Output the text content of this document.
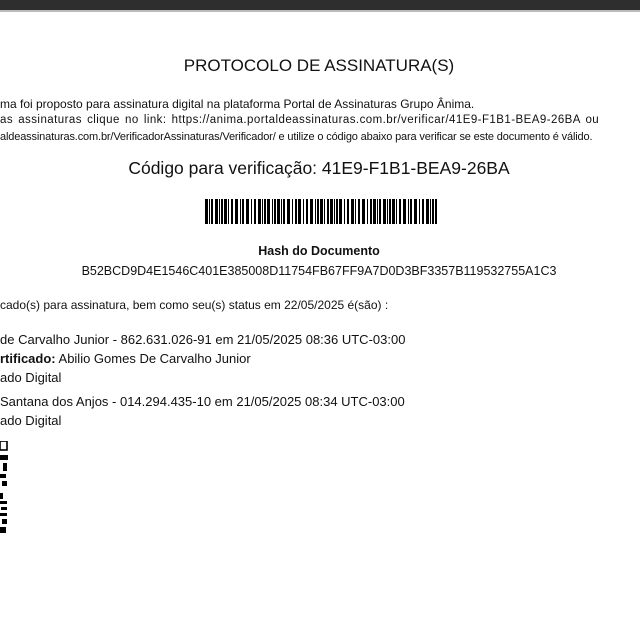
PROTOCOLO DE ASSINATURA(S)
ma foi proposto para assinatura digital na plataforma Portal de Assinaturas Grupo Ânima.
as assinaturas clique no link: https://anima.portaldeassinaturas.com.br/verificar/41E9-F1B1-BEA9-26BA ou
aldeassinaturas.com.br/VerificadorAssinaturas/Verificador/ e utilize o código abaixo para verificar se este documento é válido.
Código para verificação: 41E9-F1B1-BEA9-26BA
Hash do Documento
B52BCD9D4E1546C401E385008D11754FB67FF9A7D0D3BF3357B119532755A1C3
cado(s) para assinatura, bem como seu(s) status em 22/05/2025 é(são) :
de Carvalho Junior - 862.631.026-91 em 21/05/2025 08:36 UTC-03:00
rtificado: Abilio Gomes De Carvalho Junior
ado Digital
Santana dos Anjos - 014.294.435-10 em 21/05/2025 08:34 UTC-03:00
ado Digital
